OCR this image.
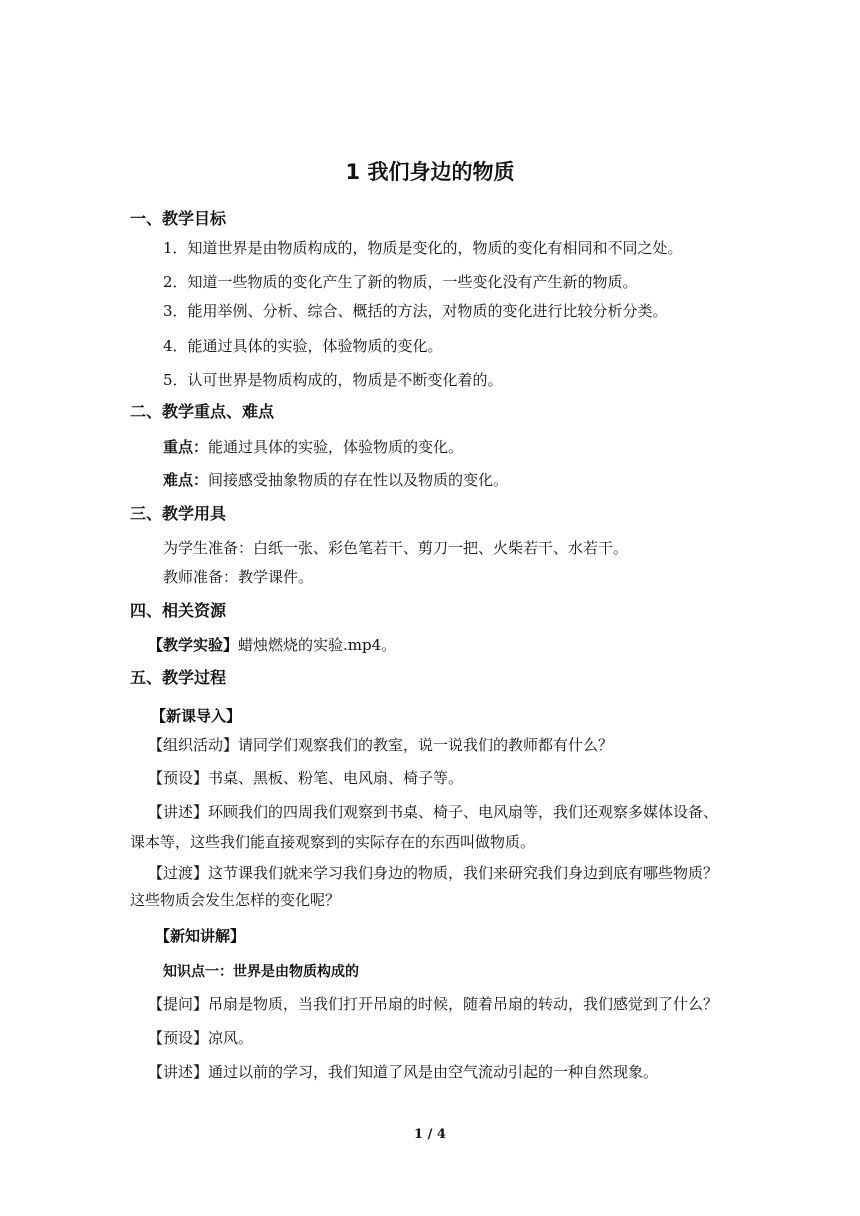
1 我们身边的物质
一、教学目标
1．知道世界是由物质构成的，物质是变化的，物质的变化有相同和不同之处。
2．知道一些物质的变化产生了新的物质，一些变化没有产生新的物质。
3．能用举例、分析、综合、概括的方法，对物质的变化进行比较分析分类。
4．能通过具体的实验，体验物质的变化。
5．认可世界是物质构成的，物质是不断变化着的。
二、教学重点、难点
重点：能通过具体的实验，体验物质的变化。
难点：间接感受抽象物质的存在性以及物质的变化。
三、教学用具
为学生准备：白纸一张、彩色笔若干、剪刀一把、火柴若干、水若干。
教师准备：教学课件。
四、相关资源
【教学实验】蜡烛燃烧的实验.mp4。
五、教学过程
【新课导入】
【组织活动】请同学们观察我们的教室，说一说我们的教师都有什么？
【预设】书桌、黑板、粉笔、电风扇、椅子等。
【讲述】环顾我们的四周我们观察到书桌、椅子、电风扇等，我们还观察多媒体设备、
课本等，这些我们能直接观察到的实际存在的东西叫做物质。
【过渡】这节课我们就来学习我们身边的物质，我们来研究我们身边到底有哪些物质？
这些物质会发生怎样的变化呢？
【新知讲解】
知识点一：世界是由物质构成的
【提问】吊扇是物质，当我们打开吊扇的时候，随着吊扇的转动，我们感觉到了什么？
【预设】凉风。
【讲述】通过以前的学习，我们知道了风是由空气流动引起的一种自然现象。
1 / 4
